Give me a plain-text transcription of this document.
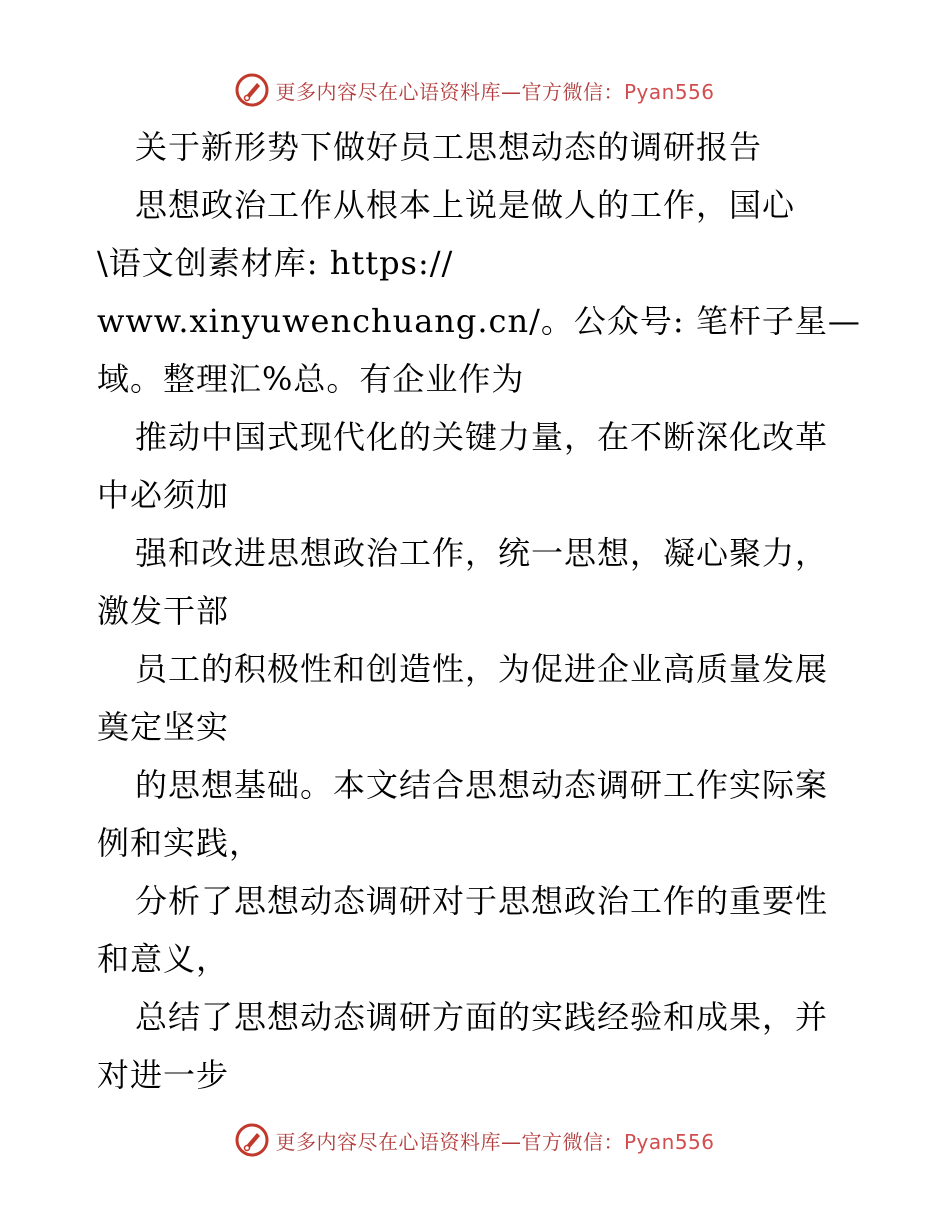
更多内容尽在心语资料库—官方微信：Pyan556
关于新形势下做好员工思想动态的调研报告
思想政治工作从根本上说是做人的工作，国心
\语文创素材库: https://
www.xinyuwenchuang.cn/。公众号: 笔杆子星—
域。整理汇%总。有企业作为
推动中国式现代化的关键力量，在不断深化改革
中必须加
强和改进思想政治工作，统一思想，凝心聚力，
激发干部
员工的积极性和创造性，为促进企业高质量发展
奠定坚实
的思想基础。本文结合思想动态调研工作实际案
例和实践，
分析了思想动态调研对于思想政治工作的重要性
和意义，
总结了思想动态调研方面的实践经验和成果，并
对进一步
更多内容尽在心语资料库—官方微信：Pyan556
